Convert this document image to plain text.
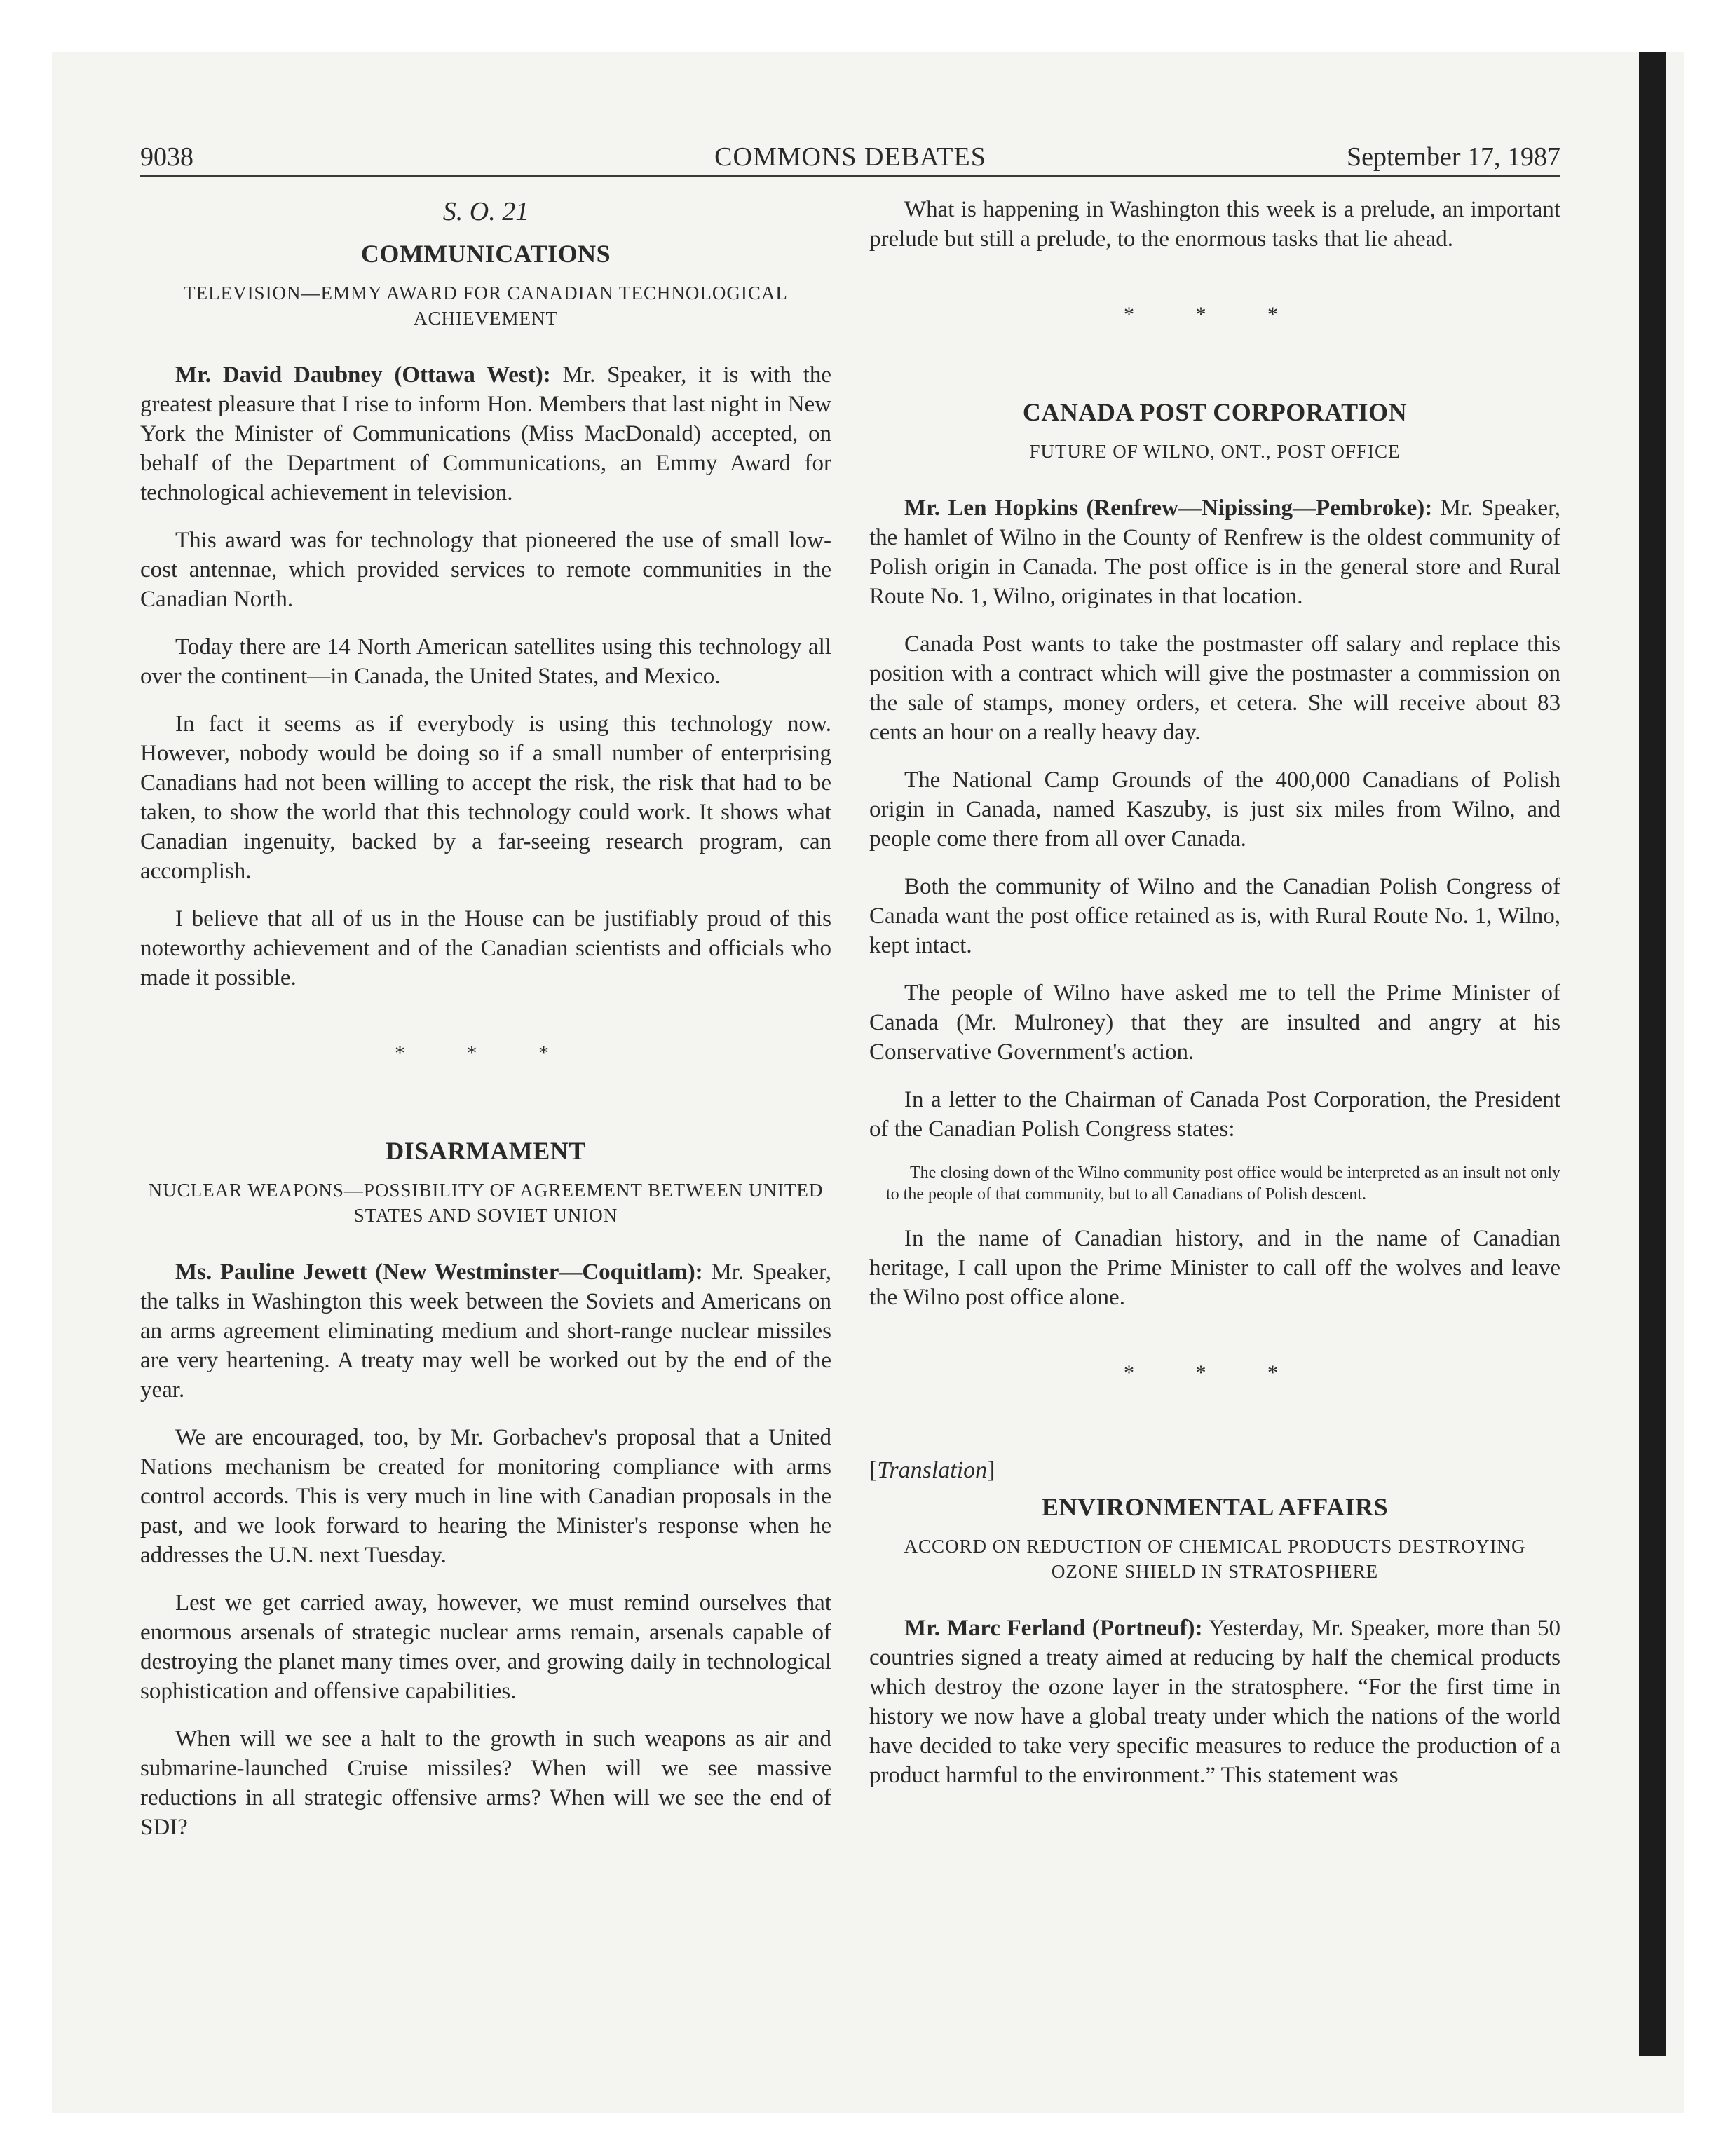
9038	COMMONS DEBATES	September 17, 1987
S. O. 21
COMMUNICATIONS
TELEVISION—EMMY AWARD FOR CANADIAN TECHNOLOGICAL ACHIEVEMENT

Mr. David Daubney (Ottawa West): Mr. Speaker, it is with the greatest pleasure that I rise to inform Hon. Members that last night in New York the Minister of Communications (Miss MacDonald) accepted, on behalf of the Department of Communications, an Emmy Award for technological achievement in television.

This award was for technology that pioneered the use of small low-cost antennae, which provided services to remote communities in the Canadian North.

Today there are 14 North American satellites using this technology all over the continent—in Canada, the United States, and Mexico.

In fact it seems as if everybody is using this technology now. However, nobody would be doing so if a small number of enterprising Canadians had not been willing to accept the risk, the risk that had to be taken, to show the world that this technology could work. It shows what Canadian ingenuity, backed by a far-seeing research program, can accomplish.

I believe that all of us in the House can be justifiably proud of this noteworthy achievement and of the Canadian scientists and officials who made it possible.

* * *
DISARMAMENT
NUCLEAR WEAPONS—POSSIBILITY OF AGREEMENT BETWEEN UNITED STATES AND SOVIET UNION

Ms. Pauline Jewett (New Westminster—Coquitlam): Mr. Speaker, the talks in Washington this week between the Soviets and Americans on an arms agreement eliminating medium and short-range nuclear missiles are very heartening. A treaty may well be worked out by the end of the year.

We are encouraged, too, by Mr. Gorbachev's proposal that a United Nations mechanism be created for monitoring compliance with arms control accords. This is very much in line with Canadian proposals in the past, and we look forward to hearing the Minister's response when he addresses the U.N. next Tuesday.

Lest we get carried away, however, we must remind ourselves that enormous arsenals of strategic nuclear arms remain, arsenals capable of destroying the planet many times over, and growing daily in technological sophistication and offensive capabilities.

When will we see a halt to the growth in such weapons as air and submarine-launched Cruise missiles? When will we see massive reductions in all strategic offensive arms? When will we see the end of SDI?

What is happening in Washington this week is a prelude, an important prelude but still a prelude, to the enormous tasks that lie ahead.

* * *
CANADA POST CORPORATION
FUTURE OF WILNO, ONT., POST OFFICE

Mr. Len Hopkins (Renfrew—Nipissing—Pembroke): Mr. Speaker, the hamlet of Wilno in the County of Renfrew is the oldest community of Polish origin in Canada. The post office is in the general store and Rural Route No. 1, Wilno, originates in that location.

Canada Post wants to take the postmaster off salary and replace this position with a contract which will give the postmaster a commission on the sale of stamps, money orders, et cetera. She will receive about 83 cents an hour on a really heavy day.

The National Camp Grounds of the 400,000 Canadians of Polish origin in Canada, named Kaszuby, is just six miles from Wilno, and people come there from all over Canada.

Both the community of Wilno and the Canadian Polish Congress of Canada want the post office retained as is, with Rural Route No. 1, Wilno, kept intact.

The people of Wilno have asked me to tell the Prime Minister of Canada (Mr. Mulroney) that they are insulted and angry at his Conservative Government's action.

In a letter to the Chairman of Canada Post Corporation, the President of the Canadian Polish Congress states:

The closing down of the Wilno community post office would be interpreted as an insult not only to the people of that community, but to all Canadians of Polish descent.

In the name of Canadian history, and in the name of Canadian heritage, I call upon the Prime Minister to call off the wolves and leave the Wilno post office alone.

* * *
[Translation]
ENVIRONMENTAL AFFAIRS
ACCORD ON REDUCTION OF CHEMICAL PRODUCTS DESTROYING OZONE SHIELD IN STRATOSPHERE

Mr. Marc Ferland (Portneuf): Yesterday, Mr. Speaker, more than 50 countries signed a treaty aimed at reducing by half the chemical products which destroy the ozone layer in the stratosphere. “For the first time in history we now have a global treaty under which the nations of the world have decided to take very specific measures to reduce the production of a product harmful to the environment.” This statement was
